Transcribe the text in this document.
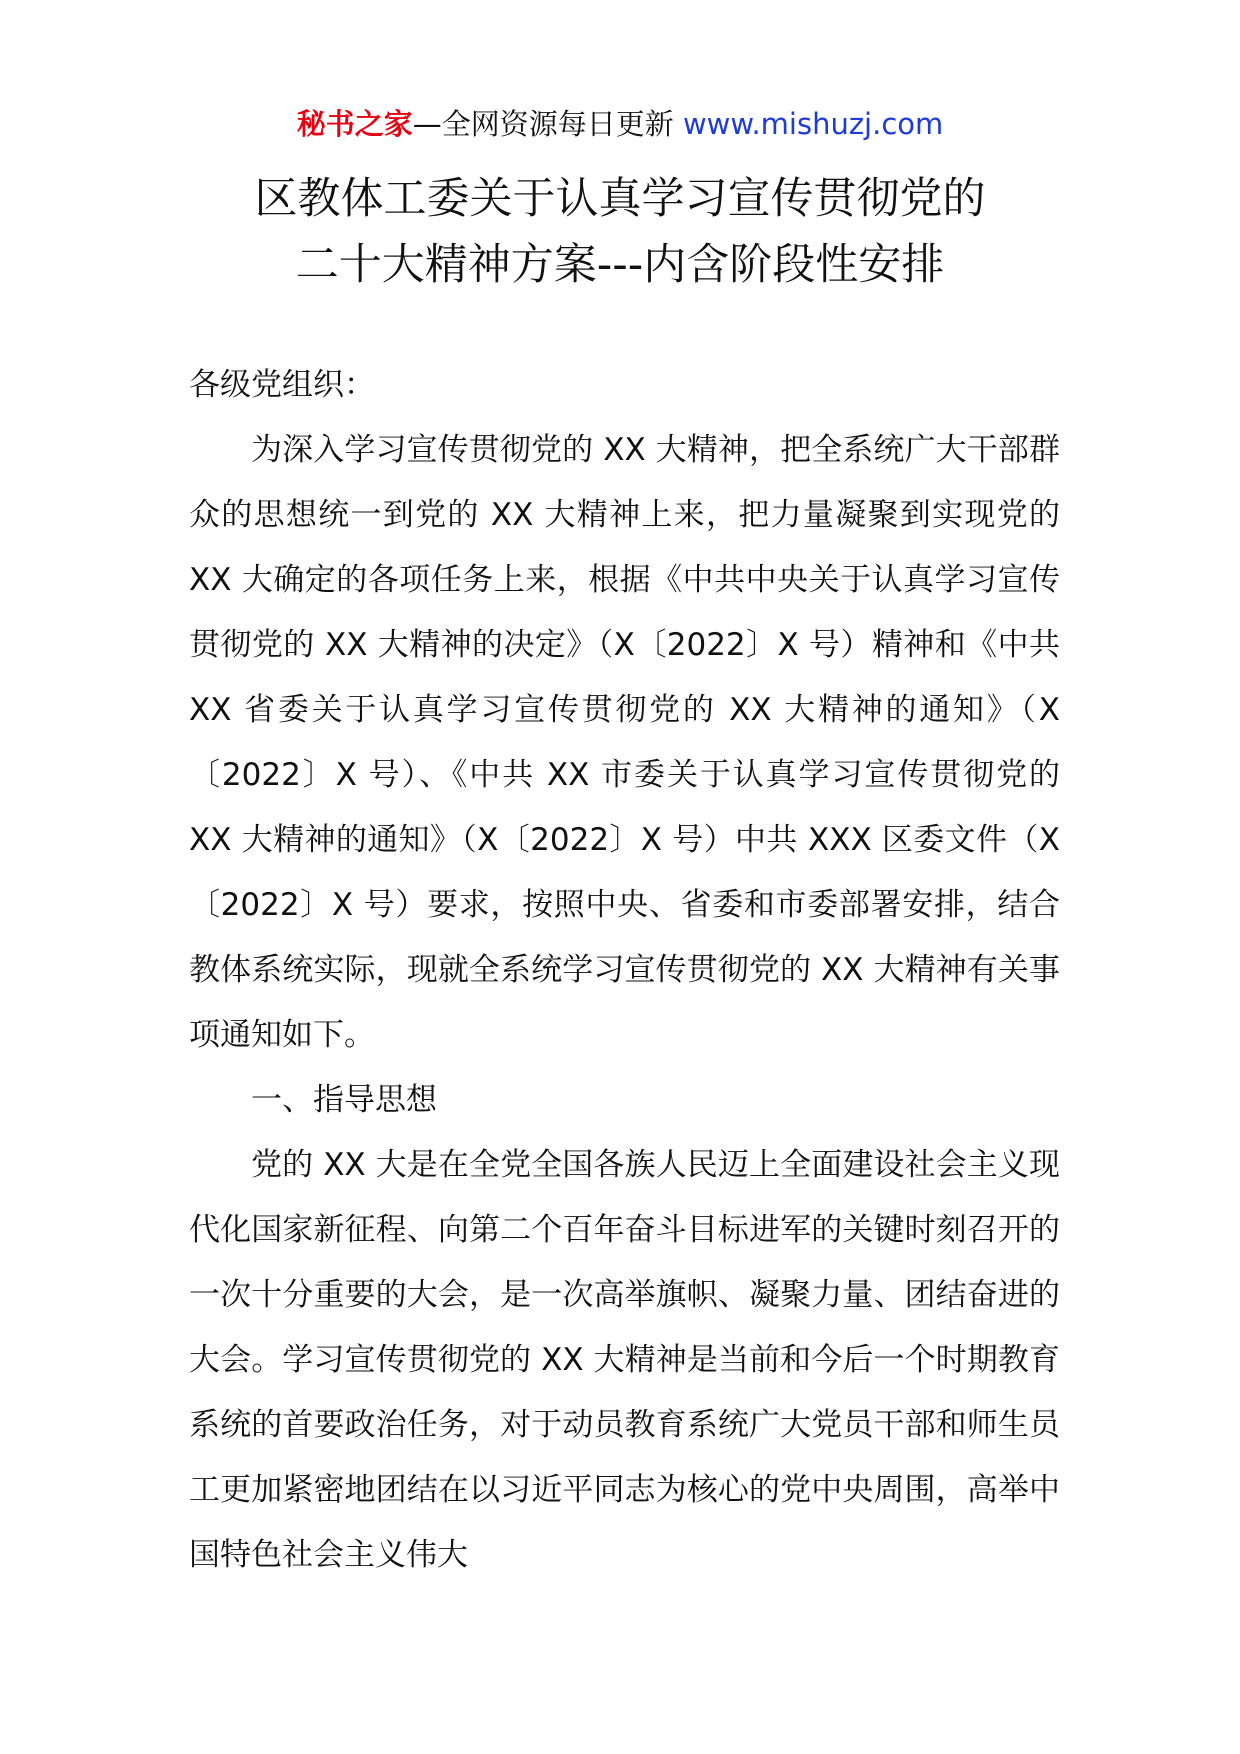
秘书之家—全网资源每日更新 www.mishuzj.com
区教体工委关于认真学习宣传贯彻党的
二十大精神方案---内含阶段性安排

各级党组织：

为深入学习宣传贯彻党的 XX 大精神，把全系统广大干部群众的思想统一到党的 XX 大精神上来，把力量凝聚到实现党的 XX 大确定的各项任务上来，根据《中共中央关于认真学习宣传贯彻党的 XX 大精神的决定》（X〔2022〕X 号）精神和《中共 XX 省委关于认真学习宣传贯彻党的 XX 大精神的通知》（X〔2022〕X 号）、《中共 XX 市委关于认真学习宣传贯彻党的 XX 大精神的通知》（X〔2022〕X 号）中共 XXX 区委文件（X〔2022〕X 号）要求，按照中央、省委和市委部署安排，结合教体系统实际，现就全系统学习宣传贯彻党的 XX 大精神有关事项通知如下。

一、指导思想

党的 XX 大是在全党全国各族人民迈上全面建设社会主义现代化国家新征程、向第二个百年奋斗目标进军的关键时刻召开的一次十分重要的大会，是一次高举旗帜、凝聚力量、团结奋进的大会。学习宣传贯彻党的 XX 大精神是当前和今后一个时期教育系统的首要政治任务，对于动员教育系统广大党员干部和师生员工更加紧密地团结在以习近平同志为核心的党中央周围，高举中国特色社会主义伟大
